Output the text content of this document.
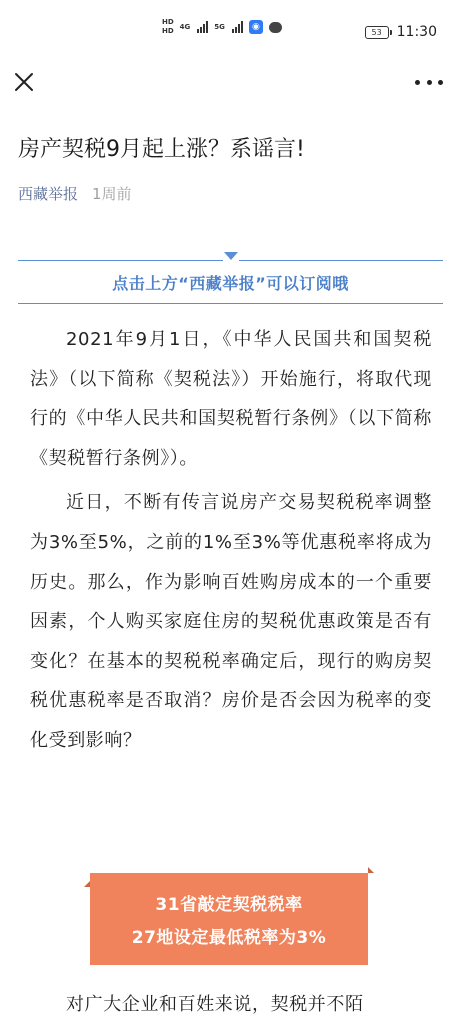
HD
HD 4G	5G	◉	53	11:30
房产契税9月起上涨？系谣言!
西藏举报 1周前
点击上方“西藏举报”可以订阅哦

2021年9月1日，《中华人民国共和国契税法》（以下简称《契税法》）开始施行，将取代现行的《中华人民共和国契税暂行条例》（以下简称《契税暂行条例》）。

近日，不断有传言说房产交易契税税率调整为3%至5%，之前的1%至3%等优惠税率将成为历史。那么，作为影响百姓购房成本的一个重要因素，个人购买家庭住房的契税优惠政策是否有变化？在基本的契税税率确定后，现行的购房契税优惠税率是否取消？房价是否会因为税率的变化受到影响？

31省敲定契税税率
27地设定最低税率为3%

对广大企业和百姓来说，契税并不陌
